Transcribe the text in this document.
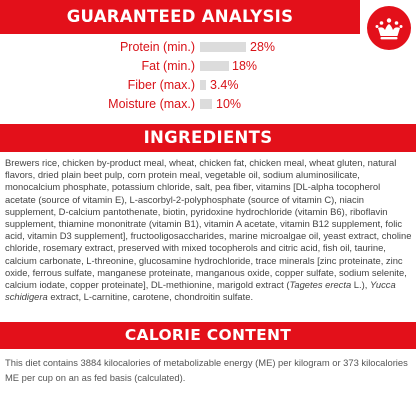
GUARANTEED ANALYSIS
Protein (min.)	28%
Fat (min.)	18%
Fiber (max.) 3.4%
Moisture (max.) 10%
INGREDIENTS

Brewers rice, chicken by-product meal, wheat, chicken fat, chicken meal, wheat gluten, natural flavors, dried plain beet pulp, corn protein meal, vegetable oil, sodium aluminosilicate, monocalcium phosphate, potassium chloride, salt, pea fiber, vitamins [DL-alpha tocopherol acetate (source of vitamin E), L-ascorbyl-2-polyphosphate (source of vitamin C), niacin supplement, D-calcium pantothenate, biotin, pyridoxine hydrochloride (vitamin B6), riboflavin supplement, thiamine mononitrate (vitamin B1), vitamin A acetate, vitamin B12 supplement, folic acid, vitamin D3 supplement], fructooligosaccharides, marine microalgae oil, yeast extract, choline chloride, rosemary extract, preserved with mixed tocopherols and citric acid, fish oil, taurine, calcium carbonate, L-threonine, glucosamine hydrochloride, trace minerals [zinc proteinate, zinc oxide, ferrous sulfate, manganese proteinate, manganous oxide, copper sulfate, sodium selenite, calcium iodate, copper proteinate], DL-methionine, marigold extract (Tagetes erecta L.), Yucca schidigera extract, L-carnitine, carotene, chondroitin sulfate.

CALORIE CONTENT

This diet contains 3884 kilocalories of metabolizable energy (ME) per kilogram or 373 kilocalories ME per cup on an as fed basis (calculated).
